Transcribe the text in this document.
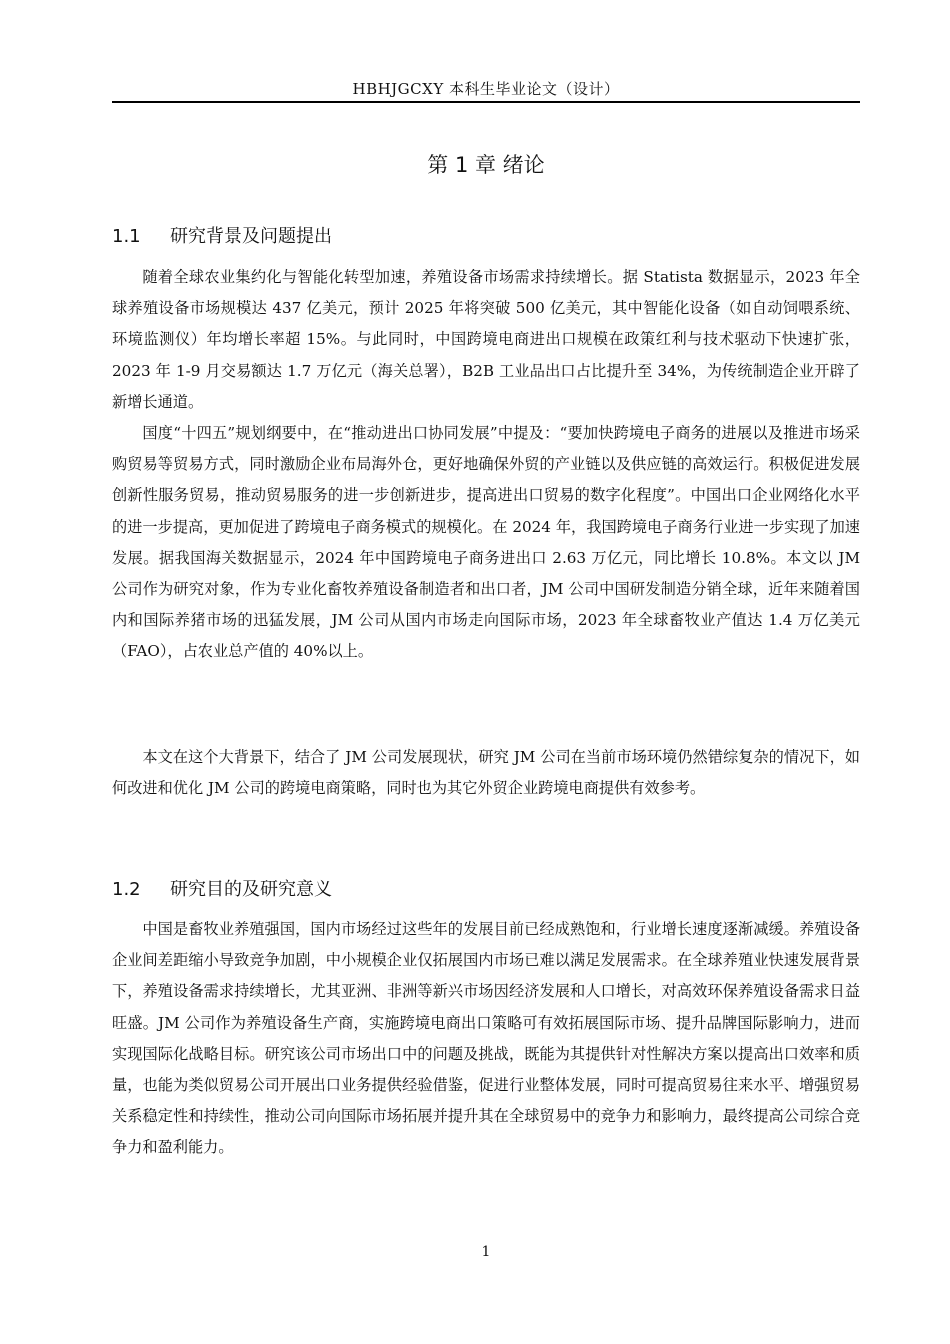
HBHJGCXY 本科生毕业论文（设计）
第 1 章 绪论
1.1 研究背景及问题提出

随着全球农业集约化与智能化转型加速，养殖设备市场需求持续增长。据 Statista 数据显示，2023 年全球养殖设备市场规模达 437 亿美元，预计 2025 年将突破 500 亿美元，其中智能化设备（如自动饲喂系统、环境监测仪）年均增长率超 15%。与此同时，中国跨境电商进出口规模在政策红利与技术驱动下快速扩张，2023 年 1-9 月交易额达 1.7 万亿元（海关总署），B2B 工业品出口占比提升至 34%，为传统制造企业开辟了新增长通道。

国度“十四五”规划纲要中，在“推动进出口协同发展”中提及：“要加快跨境电子商务的进展以及推进市场采购贸易等贸易方式，同时激励企业布局海外仓，更好地确保外贸的产业链以及供应链的高效运行。积极促进发展创新性服务贸易，推动贸易服务的进一步创新进步，提高进出口贸易的数字化程度”。中国出口企业网络化水平的进一步提高，更加促进了跨境电子商务模式的规模化。在 2024 年，我国跨境电子商务行业进一步实现了加速发展。据我国海关数据显示，2024 年中国跨境电子商务进出口 2.63 万亿元，同比增长 10.8%。本文以 JM 公司作为研究对象，作为专业化畜牧养殖设备制造者和出口者，JM 公司中国研发制造分销全球，近年来随着国内和国际养猪市场的迅猛发展，JM 公司从国内市场走向国际市场，2023 年全球畜牧业产值达 1.4 万亿美元（FAO），占农业总产值的 40%以上。

本文在这个大背景下，结合了 JM 公司发展现状，研究 JM 公司在当前市场环境仍然错综复杂的情况下，如何改进和优化 JM 公司的跨境电商策略，同时也为其它外贸企业跨境电商提供有效参考。

1.2 研究目的及研究意义

中国是畜牧业养殖强国，国内市场经过这些年的发展目前已经成熟饱和，行业增长速度逐渐减缓。养殖设备企业间差距缩小导致竞争加剧，中小规模企业仅拓展国内市场已难以满足发展需求。在全球养殖业快速发展背景下，养殖设备需求持续增长，尤其亚洲、非洲等新兴市场因经济发展和人口增长，对高效环保养殖设备需求日益旺盛。JM 公司作为养殖设备生产商，实施跨境电商出口策略可有效拓展国际市场、提升品牌国际影响力，进而实现国际化战略目标。研究该公司市场出口中的问题及挑战，既能为其提供针对性解决方案以提高出口效率和质量，也能为类似贸易公司开展出口业务提供经验借鉴，促进行业整体发展，同时可提高贸易往来水平、增强贸易关系稳定性和持续性，推动公司向国际市场拓展并提升其在全球贸易中的竞争力和影响力，最终提高公司综合竞争力和盈利能力。

1
